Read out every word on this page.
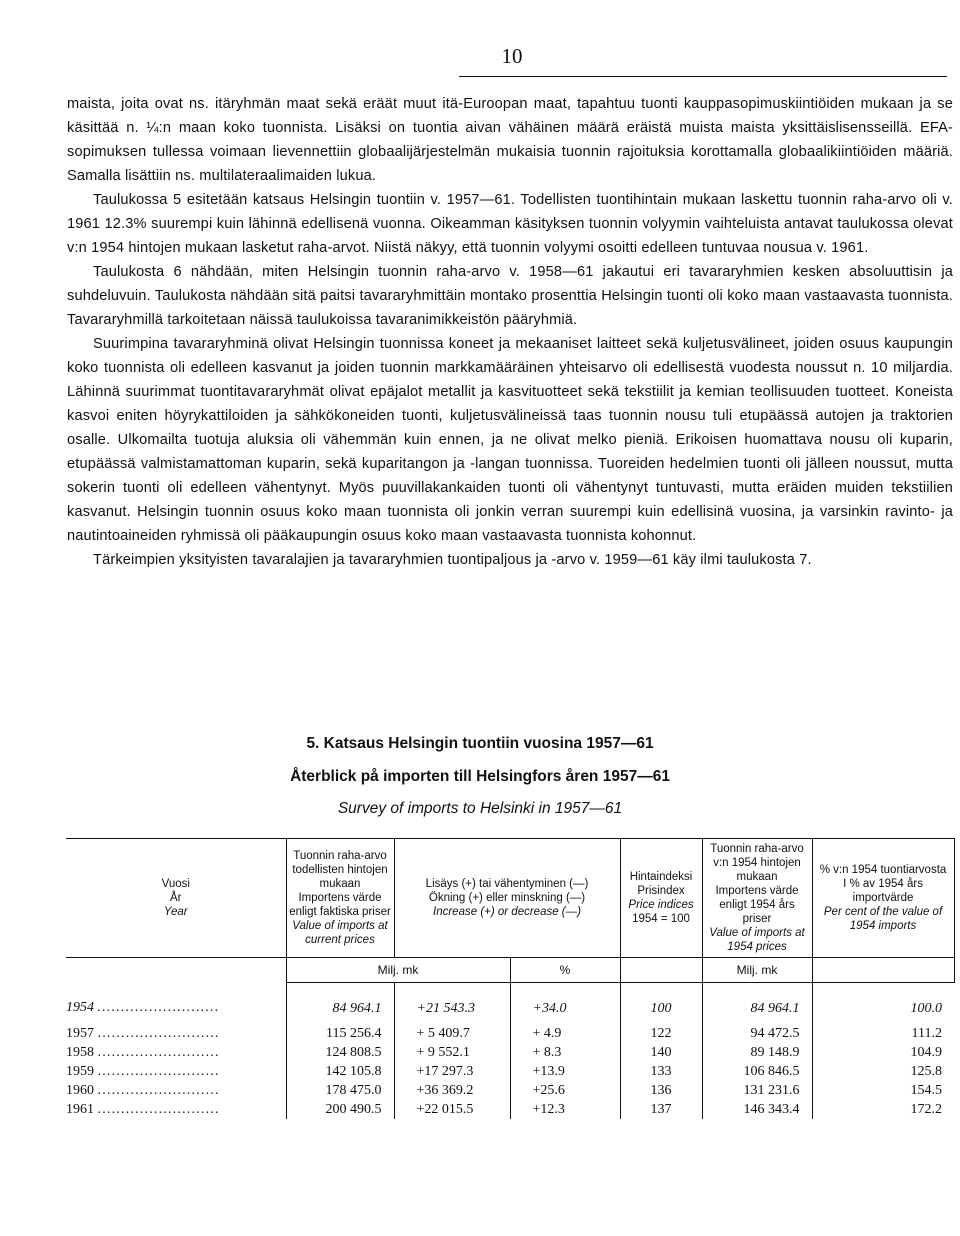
10

maista, joita ovat ns. itäryhmän maat sekä eräät muut itä-Euroopan maat, tapahtuu tuonti kauppasopimuskiintiöiden mukaan ja se käsittää n. ¼:n maan koko tuonnista. Lisäksi on tuontia aivan vähäinen määrä eräistä muista maista yksittäislisensseillä. EFA-sopimuksen tullessa voimaan lievennettiin globaalijärjestelmän mukaisia tuonnin rajoituksia korottamalla globaalikiintiöiden määriä. Samalla lisättiin ns. multilateraalimaiden lukua.

Taulukossa 5 esitetään katsaus Helsingin tuontiin v. 1957—61. Todellisten tuontihintain mukaan laskettu tuonnin raha-arvo oli v. 1961 12.3% suurempi kuin lähinnä edellisenä vuonna. Oikeamman käsityksen tuonnin volyymin vaihteluista antavat taulukossa olevat v:n 1954 hintojen mukaan lasketut raha-arvot. Niistä näkyy, että tuonnin volyymi osoitti edelleen tuntuvaa nousua v. 1961.

Taulukosta 6 nähdään, miten Helsingin tuonnin raha-arvo v. 1958—61 jakautui eri tavararyhmien kesken absoluuttisin ja suhdeluvuin. Taulukosta nähdään sitä paitsi tavararyhmittäin montako prosenttia Helsingin tuonti oli koko maan vastaavasta tuonnista. Tavararyhmillä tarkoitetaan näissä taulukoissa tavaranimikkeistön pääryhmiä.

Suurimpina tavararyhminä olivat Helsingin tuonnissa koneet ja mekaaniset laitteet sekä kuljetusvälineet, joiden osuus kaupungin koko tuonnista oli edelleen kasvanut ja joiden tuonnin markkamääräinen yhteisarvo oli edellisestä vuodesta noussut n. 10 miljardia. Lähinnä suurimmat tuontitavararyhmät olivat epäjalot metallit ja kasvituotteet sekä tekstiilit ja kemian teollisuuden tuotteet. Koneista kasvoi eniten höyrykattiloiden ja sähkökoneiden tuonti, kuljetusvälineissä taas tuonnin nousu tuli etupäässä autojen ja traktorien osalle. Ulkomailta tuotuja aluksia oli vähemmän kuin ennen, ja ne olivat melko pieniä. Erikoisen huomattava nousu oli kuparin, etupäässä valmistamattoman kuparin, sekä kuparitangon ja -langan tuonnissa. Tuoreiden hedelmien tuonti oli jälleen noussut, mutta sokerin tuonti oli edelleen vähentynyt. Myös puuvillakankaiden tuonti oli vähentynyt tuntuvasti, mutta eräiden muiden tekstiilien kasvanut. Helsingin tuonnin osuus koko maan tuonnista oli jonkin verran suurempi kuin edellisinä vuosina, ja varsinkin ravinto- ja nautintoaineiden ryhmissä oli pääkaupungin osuus koko maan vastaavasta tuonnista kohonnut.

Tärkeimpien yksityisten tavaralajien ja tavararyhmien tuontipaljous ja -arvo v. 1959—61 käy ilmi taulukosta 7.

5. Katsaus Helsingin tuontiin vuosina 1957—61
Återblick på importen till Helsingfors åren 1957—61
Survey of imports to Helsinki in 1957—61
Vuosi
År
Year	Tuonnin raha-arvo todellisten hintojen mukaan
Importens värde enligt faktiska priser
Value of imports at current prices	Lisäys (+) tai vähentyminen (—)
Ökning (+) eller minskning (—)
Increase (+) or decrease (—)		Hintaindeksi
Prisindex
Price indices
1954 = 100	Tuonnin raha-arvo v:n 1954 hintojen mukaan
Importens värde enligt 1954 års priser
Value of imports at 1954 prices	% v:n 1954 tuontiarvosta
I % av 1954 års importvärde
Per cent of the value of 1954 imports

	Milj. mk		%		Milj. mk	
1954 ..........................	84 964.1	+21 543.3	+34.0	100	84 964.1	100.0
1957 ..........................	115 256.4	+ 5 409.7	+ 4.9	122	94 472.5	111.2
1958 ..........................	124 808.5	+ 9 552.1	+ 8.3	140	89 148.9	104.9
1959 ..........................	142 105.8	+17 297.3	+13.9	133	106 846.5	125.8
1960 ..........................	178 475.0	+36 369.2	+25.6	136	131 231.6	154.5
1961 ..........................	200 490.5	+22 015.5	+12.3	137	146 343.4	172.2
